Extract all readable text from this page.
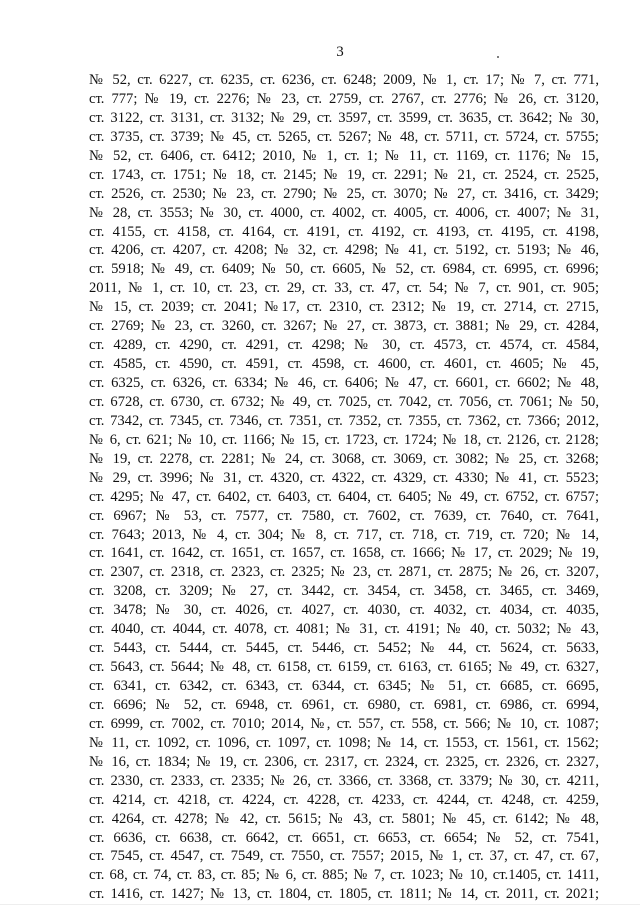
3
№ 52, ст. 6227, ст. 6235, ст. 6236, ст. 6248; 2009, № 1, ст. 17; № 7, ст. 771,
ст. 777; № 19, ст. 2276; № 23, ст. 2759, ст. 2767, ст. 2776; № 26, ст. 3120,
ст. 3122, ст. 3131, ст. 3132; № 29, ст. 3597, ст. 3599, ст. 3635, ст. 3642; № 30,
ст. 3735, ст. 3739; № 45, ст. 5265, ст. 5267; № 48, ст. 5711, ст. 5724, ст. 5755;
№ 52, ст. 6406, ст. 6412; 2010, № 1, ст. 1; № 11, ст. 1169, ст. 1176; № 15,
ст. 1743, ст. 1751; № 18, ст. 2145; № 19, ст. 2291; № 21, ст. 2524, ст. 2525,
ст. 2526, ст. 2530; № 23, ст. 2790; № 25, ст. 3070; № 27, ст. 3416, ст. 3429;
№ 28, ст. 3553; № 30, ст. 4000, ст. 4002, ст. 4005, ст. 4006, ст. 4007; № 31,
ст. 4155, ст. 4158, ст. 4164, ст. 4191, ст. 4192, ст. 4193, ст. 4195, ст. 4198,
ст. 4206, ст. 4207, ст. 4208; № 32, ст. 4298; № 41, ст. 5192, ст. 5193; № 46,
ст. 5918; № 49, ст. 6409; № 50, ст. 6605, № 52, ст. 6984, ст. 6995, ст. 6996;
2011, № 1, ст. 10, ст. 23, ст. 29, ст. 33, ст. 47, ст. 54; № 7, ст. 901, ст. 905;
№ 15, ст. 2039; ст. 2041; №17, ст. 2310, ст. 2312; № 19, ст. 2714, ст. 2715,
ст. 2769; № 23, ст. 3260, ст. 3267; № 27, ст. 3873, ст. 3881; № 29, ст. 4284,
ст. 4289, ст. 4290, ст. 4291, ст. 4298; № 30, ст. 4573, ст. 4574, ст. 4584,
ст. 4585, ст. 4590, ст. 4591, ст. 4598, ст. 4600, ст. 4601, ст. 4605; № 45,
ст. 6325, ст. 6326, ст. 6334; № 46, ст. 6406; № 47, ст. 6601, ст. 6602; № 48,
ст. 6728, ст. 6730, ст. 6732; № 49, ст. 7025, ст. 7042, ст. 7056, ст. 7061; № 50,
ст. 7342, ст. 7345, ст. 7346, ст. 7351, ст. 7352, ст. 7355, ст. 7362, ст. 7366; 2012,
№ 6, ст. 621; № 10, ст. 1166; № 15, ст. 1723, ст. 1724; № 18, ст. 2126, ст. 2128;
№ 19, ст. 2278, ст. 2281; № 24, ст. 3068, ст. 3069, ст. 3082; № 25, ст. 3268;
№ 29, ст. 3996; № 31, ст. 4320, ст. 4322, ст. 4329, ст. 4330; № 41, ст. 5523;
ст. 4295; № 47, ст. 6402, ст. 6403, ст. 6404, ст. 6405; № 49, ст. 6752, ст. 6757;
ст. 6967; № 53, ст. 7577, ст. 7580, ст. 7602, ст. 7639, ст. 7640, ст. 7641,
ст. 7643; 2013, № 4, ст. 304; № 8, ст. 717, ст. 718, ст. 719, ст. 720; № 14,
ст. 1641, ст. 1642, ст. 1651, ст. 1657, ст. 1658, ст. 1666; № 17, ст. 2029; № 19,
ст. 2307, ст. 2318, ст. 2323, ст. 2325; № 23, ст. 2871, ст. 2875; № 26, ст. 3207,
ст. 3208, ст. 3209; № 27, ст. 3442, ст. 3454, ст. 3458, ст. 3465, ст. 3469,
ст. 3478; № 30, ст. 4026, ст. 4027, ст. 4030, ст. 4032, ст. 4034, ст. 4035,
ст. 4040, ст. 4044, ст. 4078, ст. 4081; № 31, ст. 4191; № 40, ст. 5032; № 43,
ст. 5443, ст. 5444, ст. 5445, ст. 5446, ст. 5452; № 44, ст. 5624, ст. 5633,
ст. 5643, ст. 5644; № 48, ст. 6158, ст. 6159, ст. 6163, ст. 6165; № 49, ст. 6327,
ст. 6341, ст. 6342, ст. 6343, ст. 6344, ст. 6345; № 51, ст. 6685, ст. 6695,
ст. 6696; № 52, ст. 6948, ст. 6961, ст. 6980, ст. 6981, ст. 6986, ст. 6994,
ст. 6999, ст. 7002, ст. 7010; 2014, №, ст. 557, ст. 558, ст. 566; № 10, ст. 1087;
№ 11, ст. 1092, ст. 1096, ст. 1097, ст. 1098; № 14, ст. 1553, ст. 1561, ст. 1562;
№ 16, ст. 1834; № 19, ст. 2306, ст. 2317, ст. 2324, ст. 2325, ст. 2326, ст. 2327,
ст. 2330, ст. 2333, ст. 2335; № 26, ст. 3366, ст. 3368, ст. 3379; № 30, ст. 4211,
ст. 4214, ст. 4218, ст. 4224, ст. 4228, ст. 4233, ст. 4244, ст. 4248, ст. 4259,
ст. 4264, ст. 4278; № 42, ст. 5615; № 43, ст. 5801; № 45, ст. 6142; № 48,
ст. 6636, ст. 6638, ст. 6642, ст. 6651, ст. 6653, ст. 6654; № 52, ст. 7541,
ст. 7545, ст. 4547, ст. 7549, ст. 7550, ст. 7557; 2015, № 1, ст. 37, ст. 47, ст. 67,
ст. 68, ст. 74, ст. 83, ст. 85; № 6, ст. 885; № 7, ст. 1023; № 10, ст.1405, ст. 1411,
ст. 1416, ст. 1427; № 13, ст. 1804, ст. 1805, ст. 1811; № 14, ст. 2011, ст. 2021;
